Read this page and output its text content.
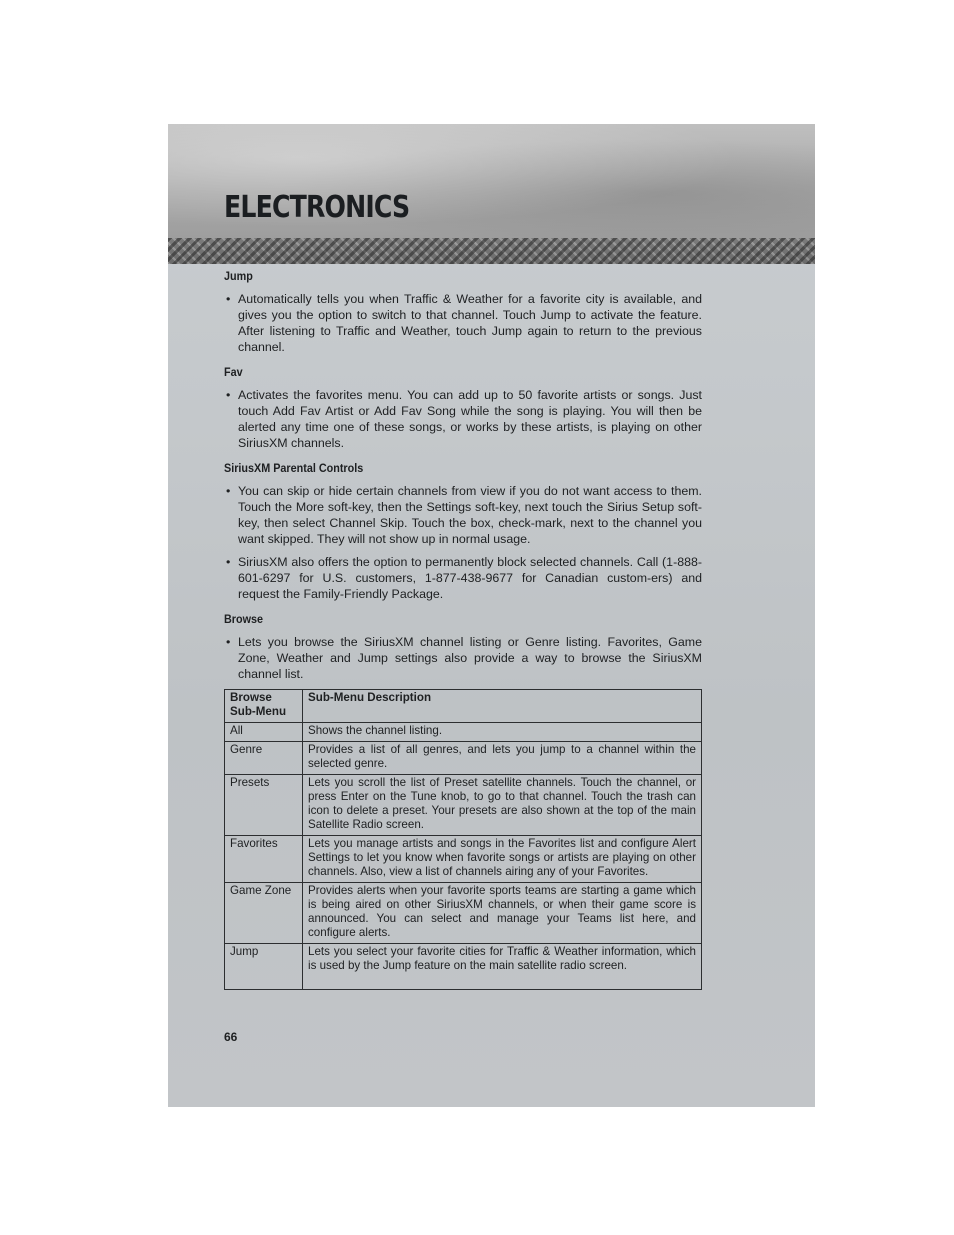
ELECTRONICS
Jump
• Automatically tells you when Traffic & Weather for a favorite city is available, and gives you the option to switch to that channel. Touch Jump to activate the feature. After listening to Traffic and Weather, touch Jump again to return to the previous channel.
Fav
• Activates the favorites menu. You can add up to 50 favorite artists or songs. Just touch Add Fav Artist or Add Fav Song while the song is playing. You will then be alerted any time one of these songs, or works by these artists, is playing on other SiriusXM channels.
SiriusXM Parental Controls
• You can skip or hide certain channels from view if you do not want access to them. Touch the More soft-key, then the Settings soft-key, next touch the Sirius Setup soft-key, then select Channel Skip. Touch the box, check-mark, next to the channel you want skipped. They will not show up in normal usage.
• SiriusXM also offers the option to permanently block selected channels. Call (1-888-601-6297 for U.S. customers, 1-877-438-9677 for Canadian custom-ers) and request the Family-Friendly Package.
Browse
• Lets you browse the SiriusXM channel listing or Genre listing. Favorites, Game Zone, Weather and Jump settings also provide a way to browse the SiriusXM channel list.
Browse Sub-Menu	Sub-Menu Description
All	Shows the channel listing.
Genre	Provides a list of all genres, and lets you jump to a channel within the selected genre.
Presets	Lets you scroll the list of Preset satellite channels. Touch the channel, or press Enter on the Tune knob, to go to that channel. Touch the trash can icon to delete a preset. Your presets are also shown at the top of the main Satellite Radio screen.
Favorites	Lets you manage artists and songs in the Favorites list and configure Alert Settings to let you know when favorite songs or artists are playing on other channels. Also, view a list of channels airing any of your Favorites.
Game Zone	Provides alerts when your favorite sports teams are starting a game which is being aired on other SiriusXM channels, or when their game score is announced. You can select and manage your Teams list here, and configure alerts.
Jump	Lets you select your favorite cities for Traffic & Weather information, which is used by the Jump feature on the main satellite radio screen.
66
